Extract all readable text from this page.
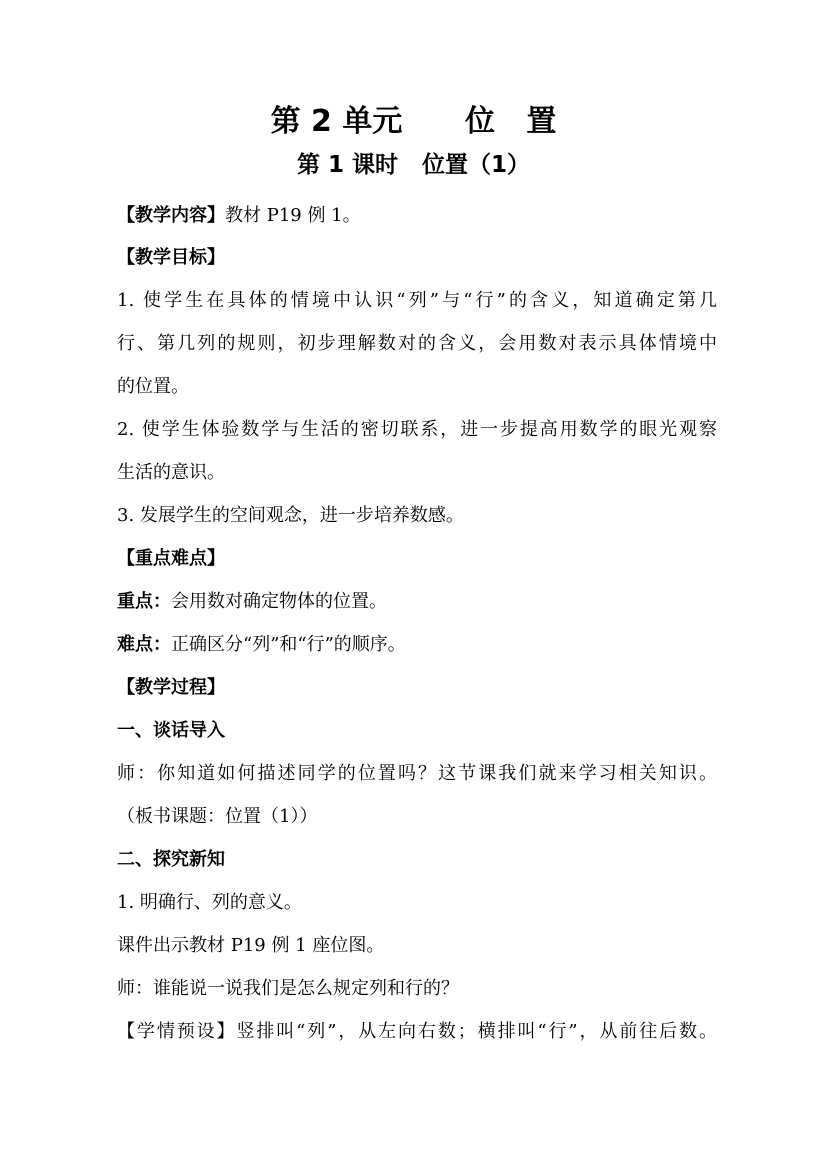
第 2 单元      位   置
第 1 课时   位置（1）
【教学内容】教材 P19 例 1。
【教学目标】
1. 使学生在具体的情境中认识“列”与“行”的含义，知道确定第几
行、第几列的规则，初步理解数对的含义，会用数对表示具体情境中
的位置。
2. 使学生体验数学与生活的密切联系，进一步提高用数学的眼光观察
生活的意识。
3. 发展学生的空间观念，进一步培养数感。
【重点难点】
重点：会用数对确定物体的位置。
难点：正确区分“列”和“行”的顺序。
【教学过程】
一、谈话导入
师：你知道如何描述同学的位置吗？这节课我们就来学习相关知识。
（板书课题：位置（1））
二、探究新知
1. 明确行、列的意义。
课件出示教材 P19 例 1 座位图。
师：谁能说一说我们是怎么规定列和行的？
【学情预设】竖排叫“列”，从左向右数；横排叫“行”，从前往后数。
